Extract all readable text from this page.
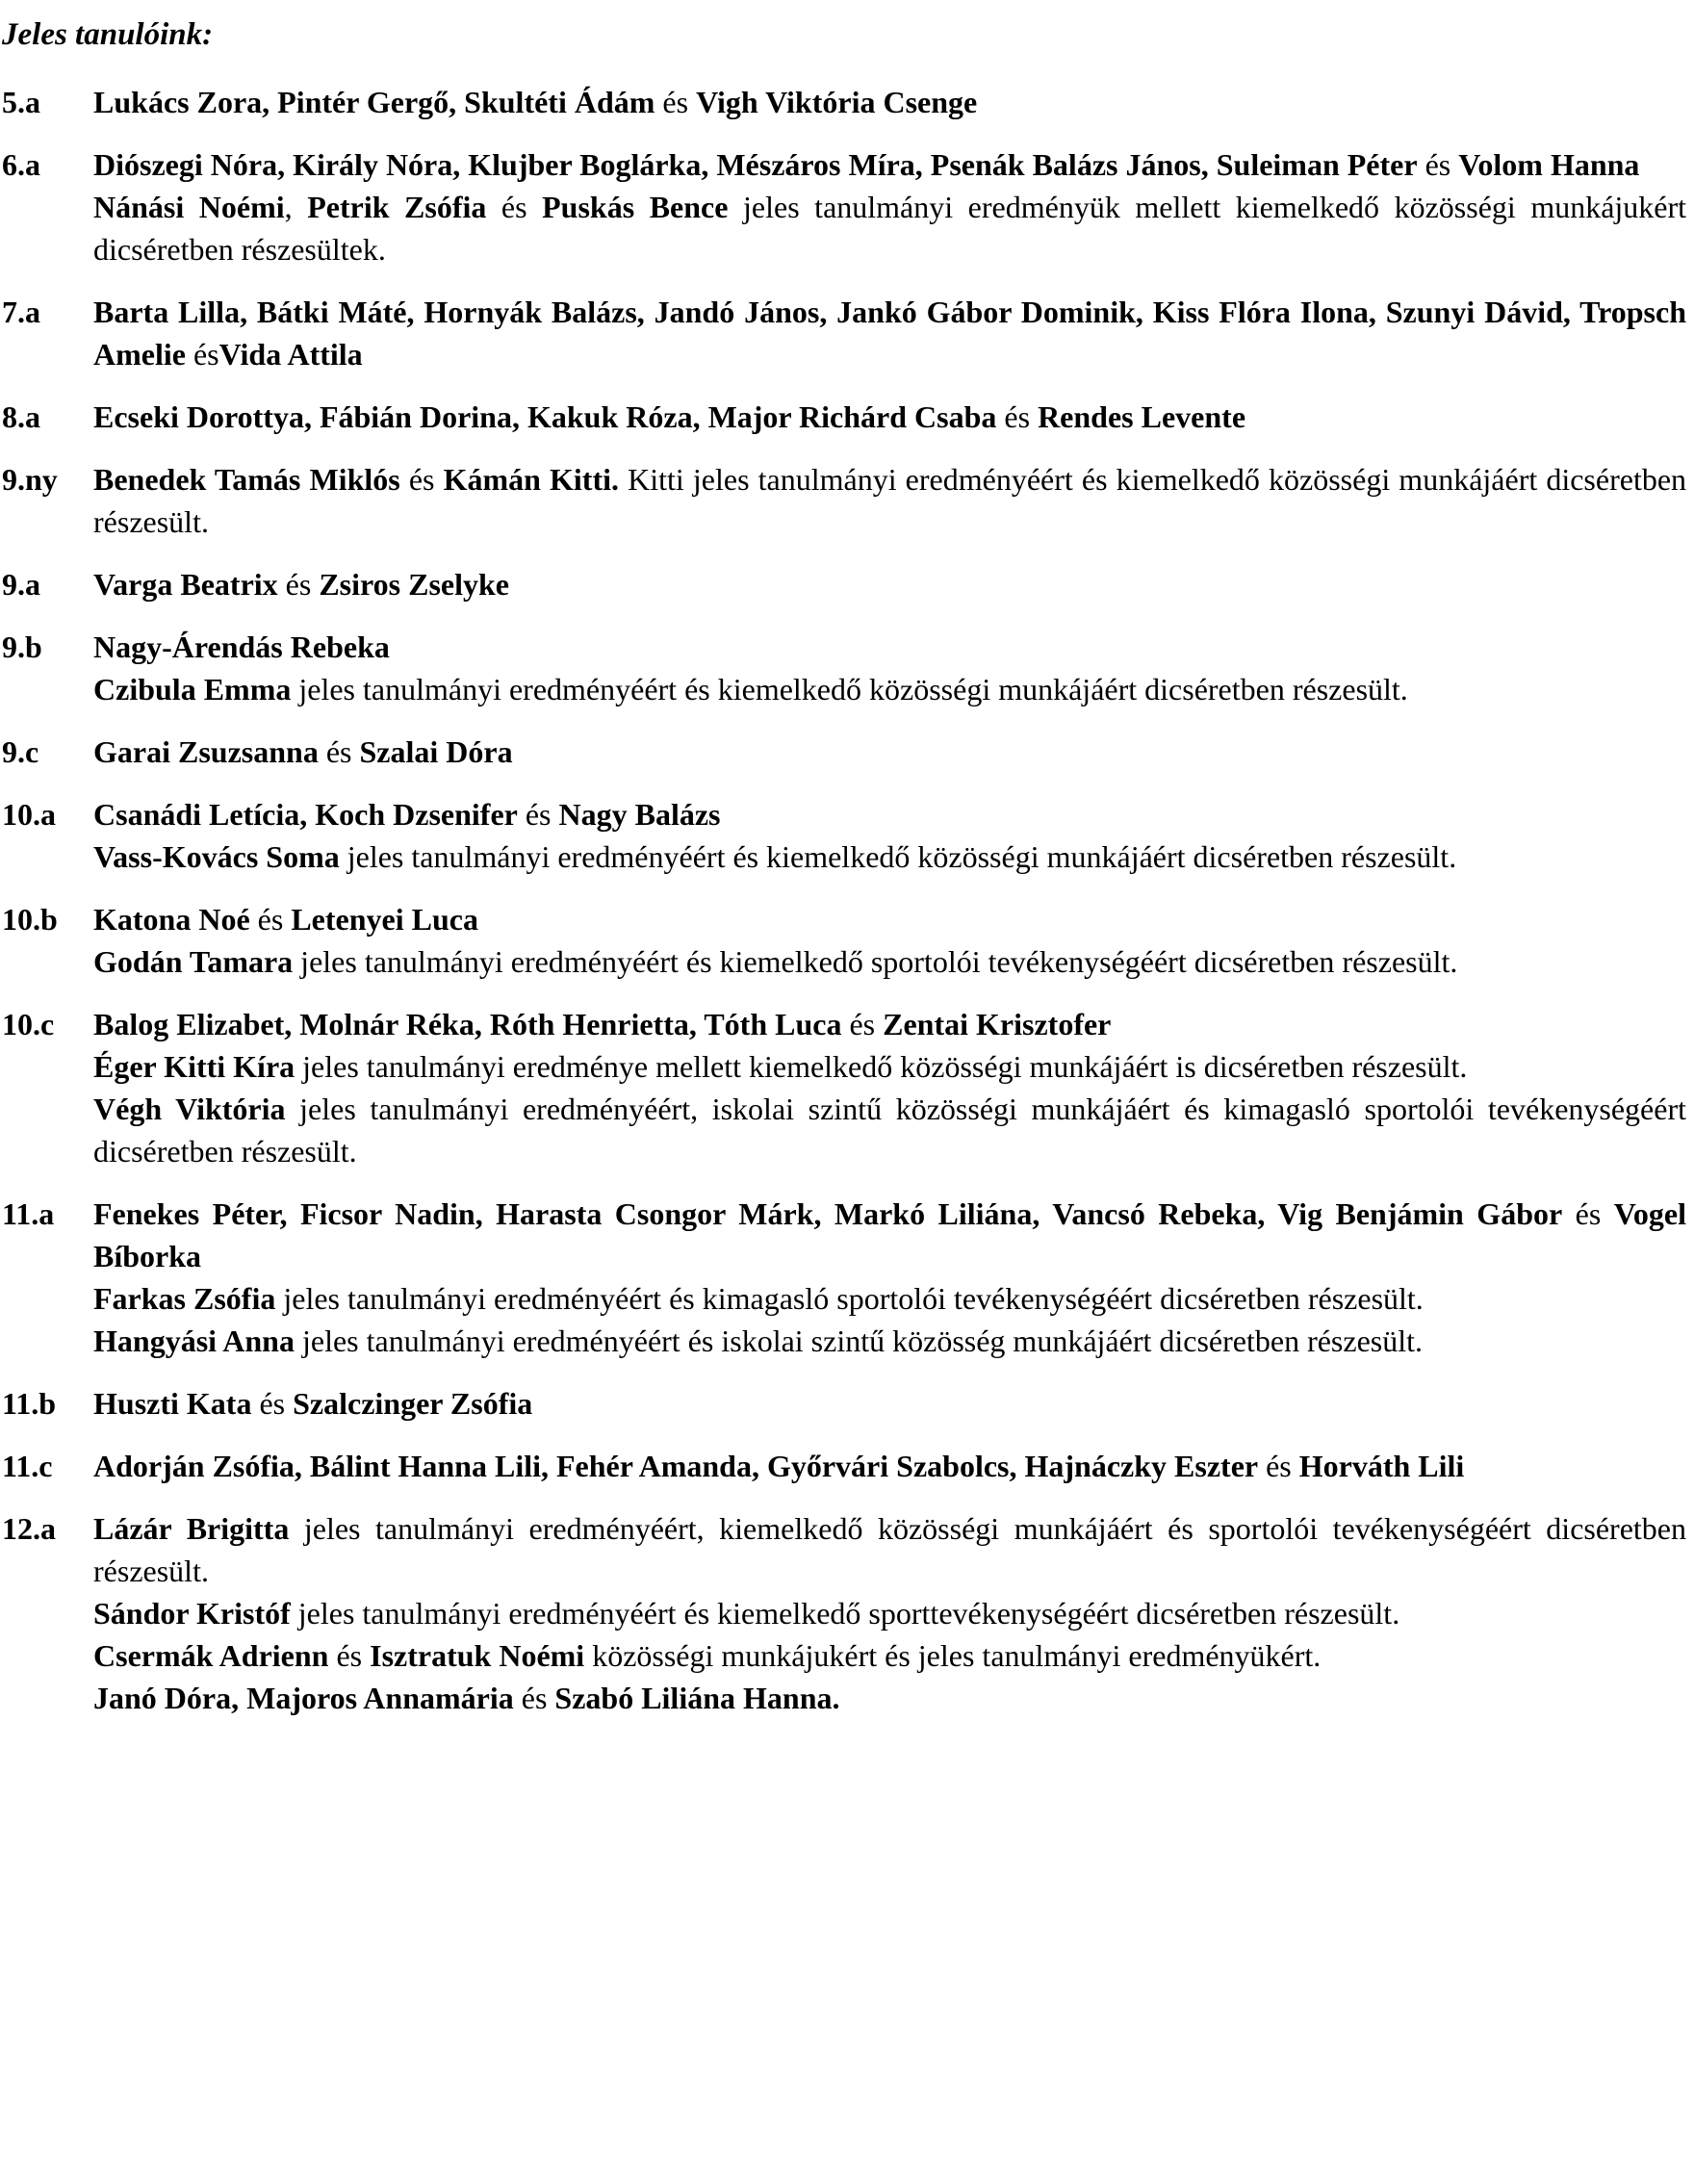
Jeles tanulóink:
5.a	Lukács Zora, Pintér Gergő, Skultéti Ádám és Vigh Viktória Csenge

6.a	Diószegi Nóra, Király Nóra, Klujber Boglárka, Mészáros Míra, Psenák Balázs János, Suleiman Péter és Volom Hanna

Nánási Noémi, Petrik Zsófia és Puskás Bence jeles tanulmányi eredményük mellett kiemelkedő közösségi munkájukért dicséretben részesültek.

7.a	Barta Lilla, Bátki Máté, Hornyák Balázs, Jandó János, Jankó Gábor Dominik, Kiss Flóra Ilona, Szunyi Dávid, Tropsch Amelie ésVida Attila

8.a	Ecseki Dorottya, Fábián Dorina, Kakuk Róza, Major Richárd Csaba és Rendes Levente

9.ny	Benedek Tamás Miklós és Kámán Kitti. Kitti jeles tanulmányi eredményéért és kiemelkedő közösségi munkájáért dicséretben részesült.

9.a	Varga Beatrix és Zsiros Zselyke

9.b	Nagy-Árendás Rebeka

Czibula Emma jeles tanulmányi eredményéért és kiemelkedő közösségi munkájáért dicséretben részesült.

9.c	Garai Zsuzsanna és Szalai Dóra

10.a	Csanádi Letícia, Koch Dzsenifer és Nagy Balázs

Vass-Kovács Soma jeles tanulmányi eredményéért és kiemelkedő közösségi munkájáért dicséretben részesült.

10.b	Katona Noé és Letenyei Luca

Godán Tamara jeles tanulmányi eredményéért és kiemelkedő sportolói tevékenységéért dicséretben részesült.

10.c	Balog Elizabet, Molnár Réka, Róth Henrietta, Tóth Luca és Zentai Krisztofer

Éger Kitti Kíra jeles tanulmányi eredménye mellett kiemelkedő közösségi munkájáért is dicséretben részesült.

Végh Viktória jeles tanulmányi eredményéért, iskolai szintű közösségi munkájáért és kimagasló sportolói tevékenységéért dicséretben részesült.

11.a	Fenekes Péter, Ficsor Nadin, Harasta Csongor Márk, Markó Liliána, Vancsó Rebeka, Vig Benjámin Gábor és Vogel Bíborka

Farkas Zsófia jeles tanulmányi eredményéért és kimagasló sportolói tevékenységéért dicséretben részesült.

Hangyási Anna jeles tanulmányi eredményéért és iskolai szintű közösség munkájáért dicséretben részesült.

11.b	Huszti Kata és Szalczinger Zsófia

11.c	Adorján Zsófia, Bálint Hanna Lili, Fehér Amanda, Győrvári Szabolcs, Hajnáczky Eszter és Horváth Lili

12.a	Lázár Brigitta jeles tanulmányi eredményéért, kiemelkedő közösségi munkájáért és sportolói tevékenységéért dicséretben részesült.

Sándor Kristóf jeles tanulmányi eredményéért és kiemelkedő sporttevékenységéért dicséretben részesült.

Csermák Adrienn és Isztratuk Noémi közösségi munkájukért és jeles tanulmányi eredményükért.

Janó Dóra, Majoros Annamária és Szabó Liliána Hanna.
